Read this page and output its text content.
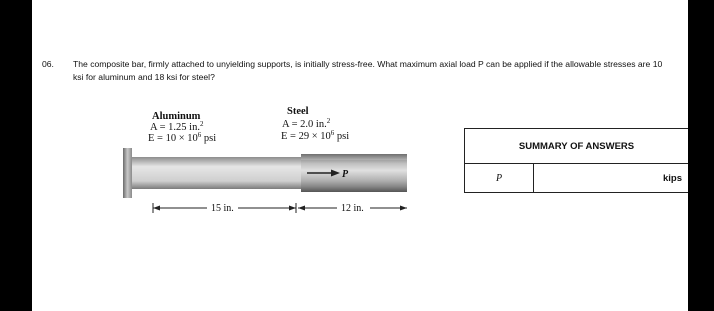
06. The composite bar, firmly attached to unyielding supports, is initially stress-free. What maximum axial load P can be applied if the allowable stresses are 10 ksi for aluminum and 18 ksi for steel?
Aluminum
A = 1.25 in.$^2$
$E = 10 \times 10^6$ psi
Steel
A = 2.0 in.$^2$
$E = 29 \times 10^6$ psi
P
15 in.	12 in.
SUMMARY OF ANSWERS
P	kips
